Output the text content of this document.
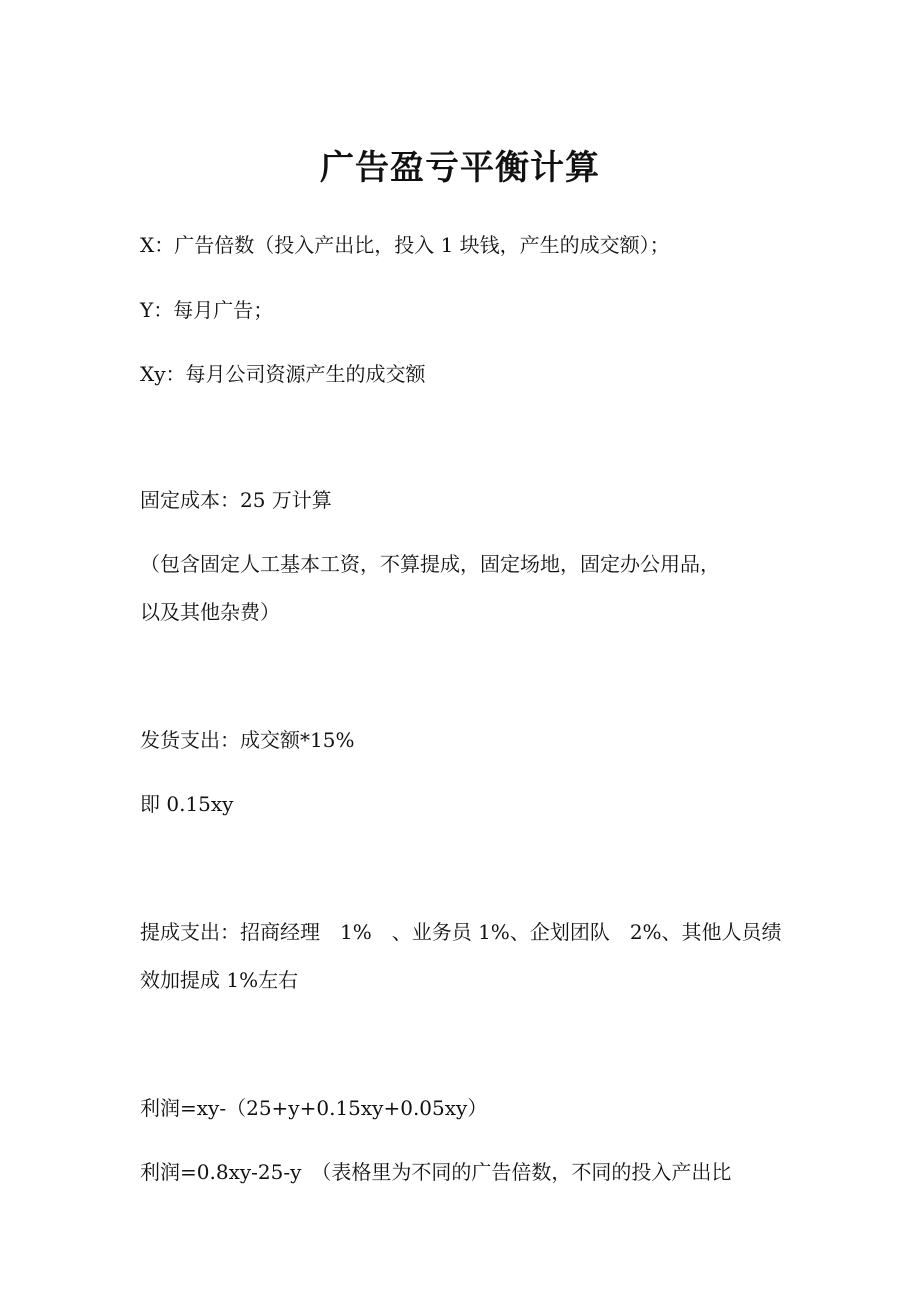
广告盈亏平衡计算
X：广告倍数（投入产出比，投入 1 块钱，产生的成交额）；
Y：每月广告；
Xy：每月公司资源产生的成交额
固定成本：25 万计算
（包含固定人工基本工资，不算提成，固定场地，固定办公用品，
以及其他杂费）
发货支出：成交额*15%
即 0.15xy
提成支出：招商经理　1%　、业务员 1%、企划团队　2%、其他人员绩
效加提成 1%左右
利润=xy-（25+y+0.15xy+0.05xy）
利润=0.8xy-25-y　（表格里为不同的广告倍数，不同的投入产出比
